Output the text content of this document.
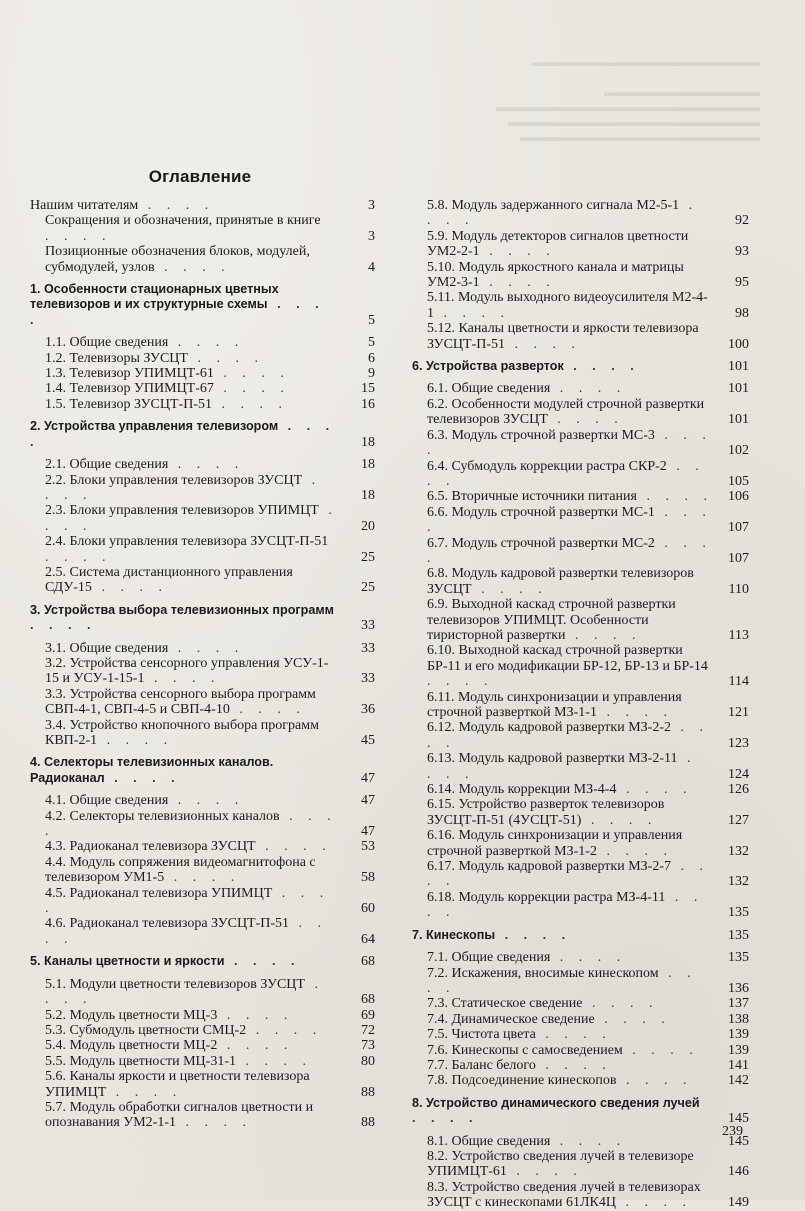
▬▬▬▬▬▬▬▬▬▬▬▬▬▬▬▬▬▬▬

▬▬▬▬▬▬▬▬▬▬▬▬▬
▬▬▬▬▬▬▬▬▬▬▬▬▬▬▬▬▬▬▬▬▬▬
▬▬▬▬▬▬▬▬▬▬▬▬▬▬▬▬▬▬▬▬▬
▬▬▬▬▬▬▬▬▬▬▬▬▬▬▬▬▬▬▬▬

Оглавление
Нашим читателям . . . .	3
Сокращения и обозначения, принятые в книге . . . .	3
Позиционные обозначения блоков, модулей, субмодулей, узлов . . . .	4
1. Особенности стационарных цветных телевизоров и их структурные схемы . . . .	5
1.1. Общие сведения . . . .	5
1.2. Телевизоры ЗУСЦТ . . . .	6
1.3. Телевизор УПИМЦТ-61 . . . .	9
1.4. Телевизор УПИМЦТ-67 . . . .	15
1.5. Телевизор ЗУСЦТ-П-51 . . . .	16
2. Устройства управления телевизором . . . .	18
2.1. Общие сведения . . . .	18
2.2. Блоки управления телевизоров ЗУСЦТ . . . .	18
2.3. Блоки управления телевизоров УПИМЦТ . . . .	20
2.4. Блоки управления телевизора ЗУСЦТ-П-51 . . . .	25
2.5. Система дистанционного управления СДУ-15 . . . .	25
3. Устройства выбора телевизионных программ . . . .	33
3.1. Общие сведения . . . .	33
3.2. Устройства сенсорного управления УСУ-1-15 и УСУ-1-15-1 . . . .	33
3.3. Устройства сенсорного выбора программ СВП-4-1, СВП-4-5 и СВП-4-10 . . . .	36
3.4. Устройство кнопочного выбора программ КВП-2-1 . . . .	45
4. Селекторы телевизионных каналов. Радиоканал . . . .	47
4.1. Общие сведения . . . .	47
4.2. Селекторы телевизионных каналов . . . .	47
4.3. Радиоканал телевизора ЗУСЦТ . . . .	53
4.4. Модуль сопряжения видеомагнитофона с телевизором УМ1-5 . . . .	58
4.5. Радиоканал телевизора УПИМЦТ . . . .	60
4.6. Радиоканал телевизора ЗУСЦТ-П-51 . . . .	64
5. Каналы цветности и яркости . . . .	68
5.1. Модули цветности телевизоров ЗУСЦТ . . . .	68
5.2. Модуль цветности МЦ-3 . . . .	69
5.3. Субмодуль цветности СМЦ-2 . . . .	72
5.4. Модуль цветности МЦ-2 . . . .	73
5.5. Модуль цветности МЦ-31-1 . . . .	80
5.6. Каналы яркости и цветности телевизора УПИМЦТ . . . .	88
5.7. Модуль обработки сигналов цветности и опознавания УМ2-1-1 . . . .	88
5.8. Модуль задержанного сигнала М2-5-1 . . . .	92
5.9. Модуль детекторов сигналов цветности УМ2-2-1 . . . .	93
5.10. Модуль яркостного канала и матрицы УМ2-3-1 . . . .	95
5.11. Модуль выходного видеоусилителя М2-4-1 . . . .	98
5.12. Каналы цветности и яркости телевизора ЗУСЦТ-П-51 . . . .	100
6. Устройства разверток . . . .	101
6.1. Общие сведения . . . .	101
6.2. Особенности модулей строчной развертки телевизоров ЗУСЦТ . . . .	101
6.3. Модуль строчной развертки МС-3 . . . .	102
6.4. Субмодуль коррекции растра СКР-2 . . . .	105
6.5. Вторичные источники питания . . . .	106
6.6. Модуль строчной развертки МС-1 . . . .	107
6.7. Модуль строчной развертки МС-2 . . . .	107
6.8. Модуль кадровой развертки телевизоров ЗУСЦТ . . . .	110
6.9. Выходной каскад строчной развертки телевизоров УПИМЦТ. Особенности тиристорной развертки . . . .	113
6.10. Выходной каскад строчной развертки БР-11 и его модификации БР-12, БР-13 и БР-14 . . . .	114
6.11. Модуль синхронизации и управления строчной разверткой МЗ-1-1 . . . .	121
6.12. Модуль кадровой развертки МЗ-2-2 . . . .	123
6.13. Модуль кадровой развертки МЗ-2-11 . . . .	124
6.14. Модуль коррекции МЗ-4-4 . . . .	126
6.15. Устройство разверток телевизоров ЗУСЦТ-П-51 (4УСЦТ-51) . . . .	127
6.16. Модуль синхронизации и управления строчной разверткой МЗ-1-2 . . . .	132
6.17. Модуль кадровой развертки МЗ-2-7 . . . .	132
6.18. Модуль коррекции растра МЗ-4-11 . . . .	135
7. Кинескопы . . . .	135
7.1. Общие сведения . . . .	135
7.2. Искажения, вносимые кинескопом . . . .	136
7.3. Статическое сведение . . . .	137
7.4. Динамическое сведение . . . .	138
7.5. Чистота цвета . . . .	139
7.6. Кинескопы с самосведением . . . .	139
7.7. Баланс белого . . . .	141
7.8. Подсоединение кинескопов . . . .	142
8. Устройство динамического сведения лучей . . . .	145
8.1. Общие сведения . . . .	145
8.2. Устройство сведения лучей в телевизоре УПИМЦТ-61 . . . .	146
8.3. Устройство сведения лучей в телевизорах ЗУСЦТ с кинескопами 61ЛК4Ц . . . .	149
239
